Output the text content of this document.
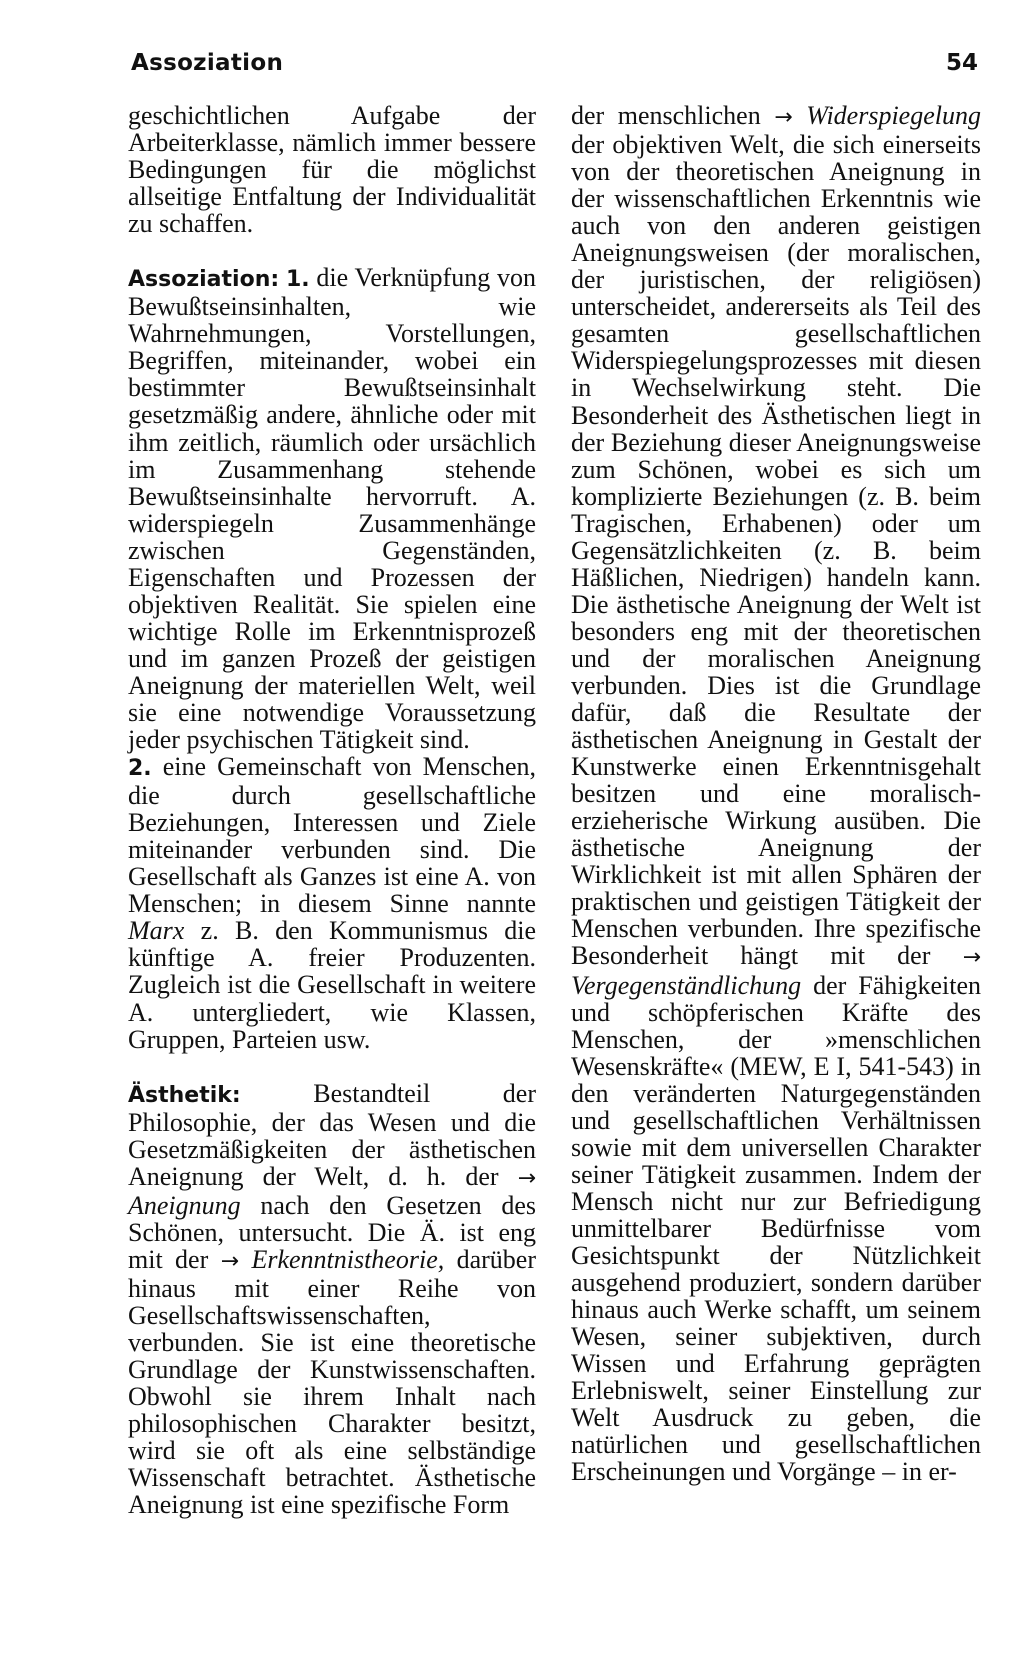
Assoziation	54

geschichtlichen Aufgabe der Arbeiterklasse, nämlich immer bessere Bedingungen für die möglichst allseitige Entfaltung der Individualität zu schaffen.

Assoziation: 1. die Verknüpfung von Bewußtseinsinhalten, wie Wahrnehmungen, Vorstellungen, Begriffen, miteinander, wobei ein bestimmter Bewußtseinsinhalt gesetzmäßig andere, ähnliche oder mit ihm zeitlich, räumlich oder ursächlich im Zusammenhang stehende Bewußtseinsinhalte hervorruft. A. widerspiegeln Zusammenhänge zwischen Gegenständen, Eigenschaften und Prozessen der objektiven Realität. Sie spielen eine wichtige Rolle im Erkenntnisprozeß und im ganzen Prozeß der geistigen Aneignung der materiellen Welt, weil sie eine notwendige Voraussetzung jeder psychischen Tätigkeit sind.

2. eine Gemeinschaft von Menschen, die durch gesellschaftliche Beziehungen, Interessen und Ziele miteinander verbunden sind. Die Gesellschaft als Ganzes ist eine A. von Menschen; in diesem Sinne nannte Marx z. B. den Kommunismus die künftige A. freier Produzenten. Zugleich ist die Gesellschaft in weitere A. untergliedert, wie Klassen, Gruppen, Parteien usw.

Ästhetik:	Bestandteil der Philosophie, der das Wesen und die Gesetzmäßigkeiten der ästhetischen Aneignung der Welt, d. h. der → Aneignung nach den Gesetzen des Schönen, untersucht. Die Ä. ist eng mit der → Erkenntnistheorie, darüber hinaus mit einer Reihe von Gesellschaftswissenschaften, verbunden. Sie ist eine theoretische Grundlage der Kunstwissenschaften. Obwohl sie ihrem Inhalt nach philosophischen Charakter besitzt, wird sie oft als eine selbständige Wissenschaft betrachtet. Ästhetische Aneignung ist eine spezifische Form

der menschlichen → Widerspiegelung der objektiven Welt, die sich einerseits von der theoretischen Aneignung in der wissenschaftlichen Erkenntnis wie auch von den anderen geistigen Aneignungsweisen (der moralischen, der juristischen, der religiösen) unterscheidet, andererseits als Teil des gesamten gesellschaftlichen Widerspiegelungsprozesses mit diesen in Wechselwirkung steht. Die Besonderheit des Ästhetischen liegt in der Beziehung dieser Aneignungsweise zum Schönen, wobei es sich um komplizierte Beziehungen (z. B. beim Tragischen, Erhabenen) oder um Gegensätzlichkeiten (z. B. beim Häßlichen, Niedrigen) handeln kann. Die ästhetische Aneignung der Welt ist besonders eng mit der theoretischen und der moralischen Aneignung verbunden. Dies ist die Grundlage dafür, daß die Resultate der ästhetischen Aneignung in Gestalt der Kunstwerke einen Erkenntnisgehalt besitzen und eine moralisch-erzieherische Wirkung ausüben. Die ästhetische Aneignung der Wirklichkeit ist mit allen Sphären der praktischen und geistigen Tätigkeit der Menschen verbunden. Ihre spezifische Besonderheit hängt mit der → Vergegenständlichung der Fähigkeiten und schöpferischen Kräfte des Menschen, der »menschlichen Wesenskräfte« (MEW, E I, 541-543) in den veränderten Naturgegenständen und gesellschaftlichen Verhältnissen sowie mit dem universellen Charakter seiner Tätigkeit zusammen. Indem der Mensch nicht nur zur Befriedigung unmittelbarer Bedürfnisse vom Gesichtspunkt der Nützlichkeit ausgehend produziert, sondern darüber hinaus auch Werke schafft, um seinem Wesen, seiner subjektiven, durch Wissen und Erfahrung geprägten Erlebniswelt, seiner Einstellung zur Welt Ausdruck zu geben, die natürlichen und gesellschaftlichen Erscheinungen und Vorgänge – in er-
